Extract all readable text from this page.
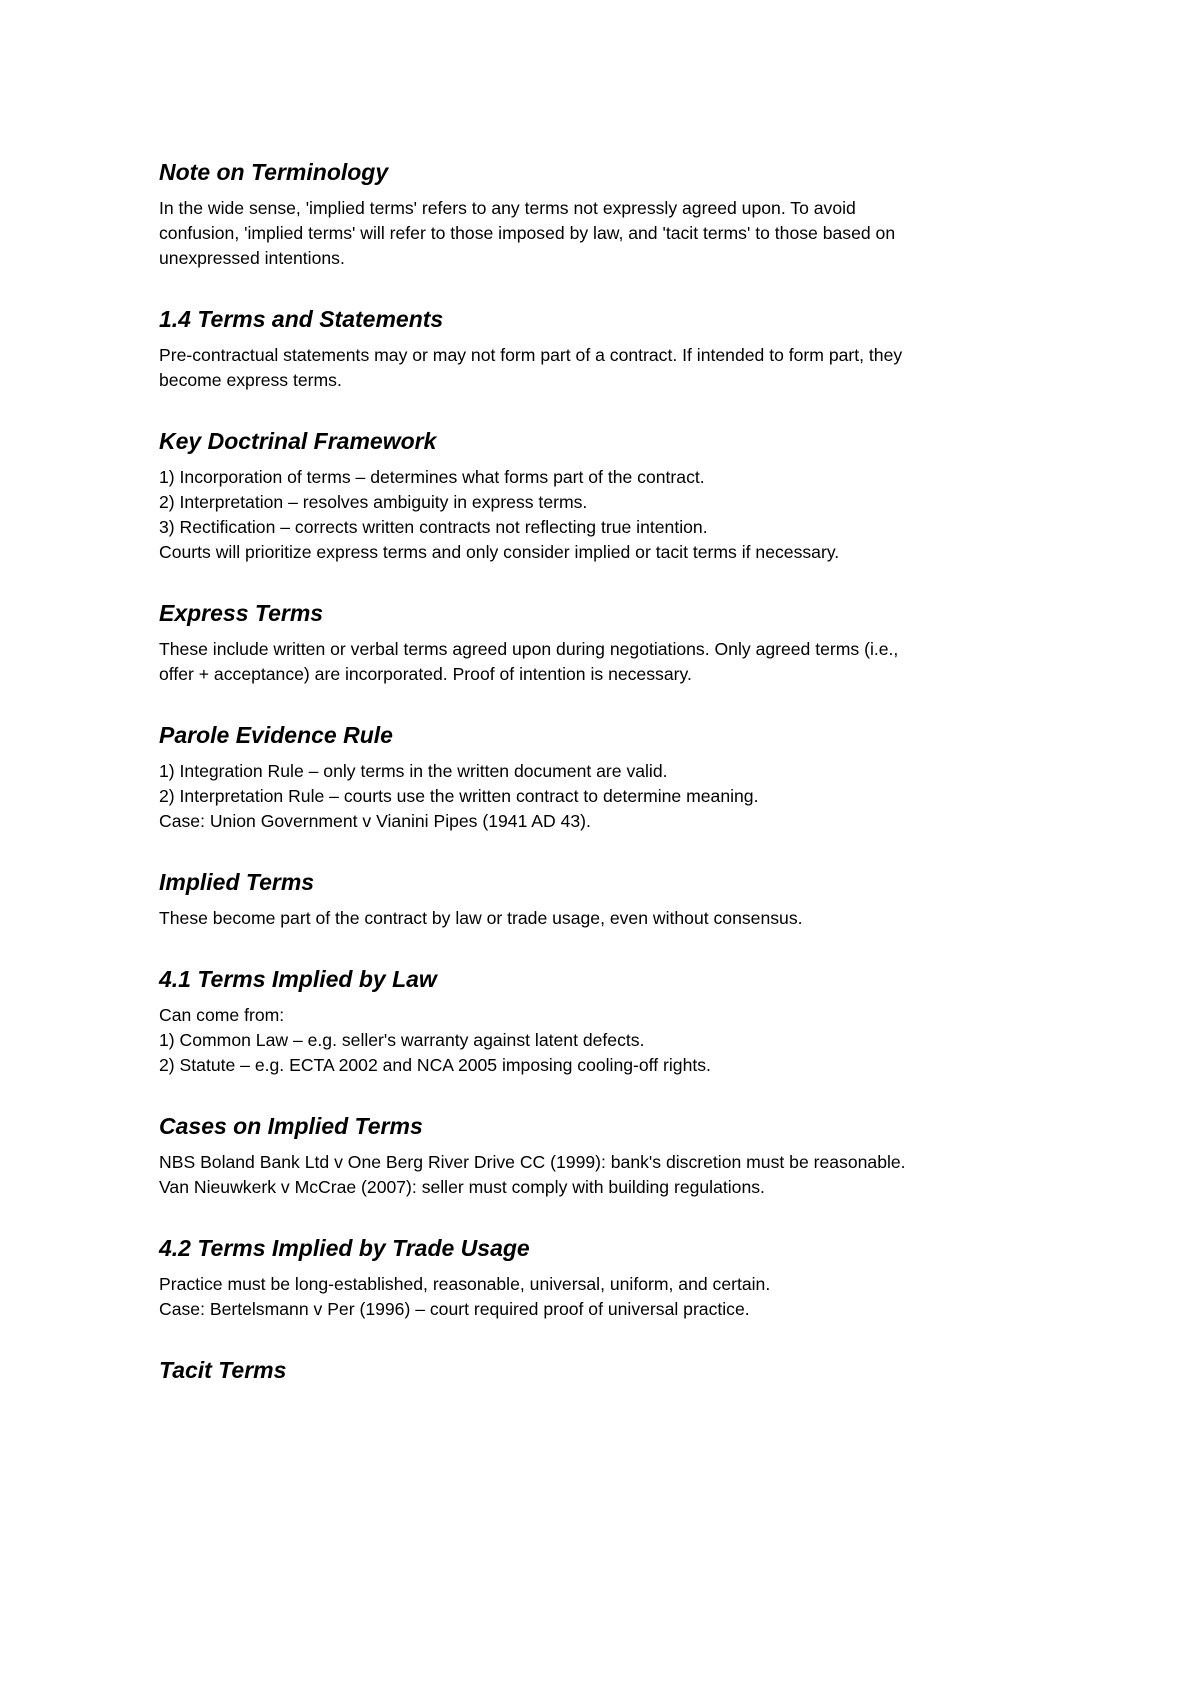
Note on Terminology

In the wide sense, 'implied terms' refers to any terms not expressly agreed upon. To avoid

confusion, 'implied terms' will refer to those imposed by law, and 'tacit terms' to those based on

unexpressed intentions.

1.4 Terms and Statements

Pre-contractual statements may or may not form part of a contract. If intended to form part, they

become express terms.

Key Doctrinal Framework

1) Incorporation of terms – determines what forms part of the contract.

2) Interpretation – resolves ambiguity in express terms.

3) Rectification – corrects written contracts not reflecting true intention.

Courts will prioritize express terms and only consider implied or tacit terms if necessary.

Express Terms

These include written or verbal terms agreed upon during negotiations. Only agreed terms (i.e.,

offer + acceptance) are incorporated. Proof of intention is necessary.

Parole Evidence Rule

1) Integration Rule – only terms in the written document are valid.

2) Interpretation Rule – courts use the written contract to determine meaning.

Case: Union Government v Vianini Pipes (1941 AD 43).

Implied Terms

These become part of the contract by law or trade usage, even without consensus.

4.1 Terms Implied by Law

Can come from:

1) Common Law – e.g. seller's warranty against latent defects.

2) Statute – e.g. ECTA 2002 and NCA 2005 imposing cooling-off rights.

Cases on Implied Terms

NBS Boland Bank Ltd v One Berg River Drive CC (1999): bank's discretion must be reasonable.

Van Nieuwkerk v McCrae (2007): seller must comply with building regulations.

4.2 Terms Implied by Trade Usage

Practice must be long-established, reasonable, universal, uniform, and certain.

Case: Bertelsmann v Per (1996) – court required proof of universal practice.

Tacit Terms
